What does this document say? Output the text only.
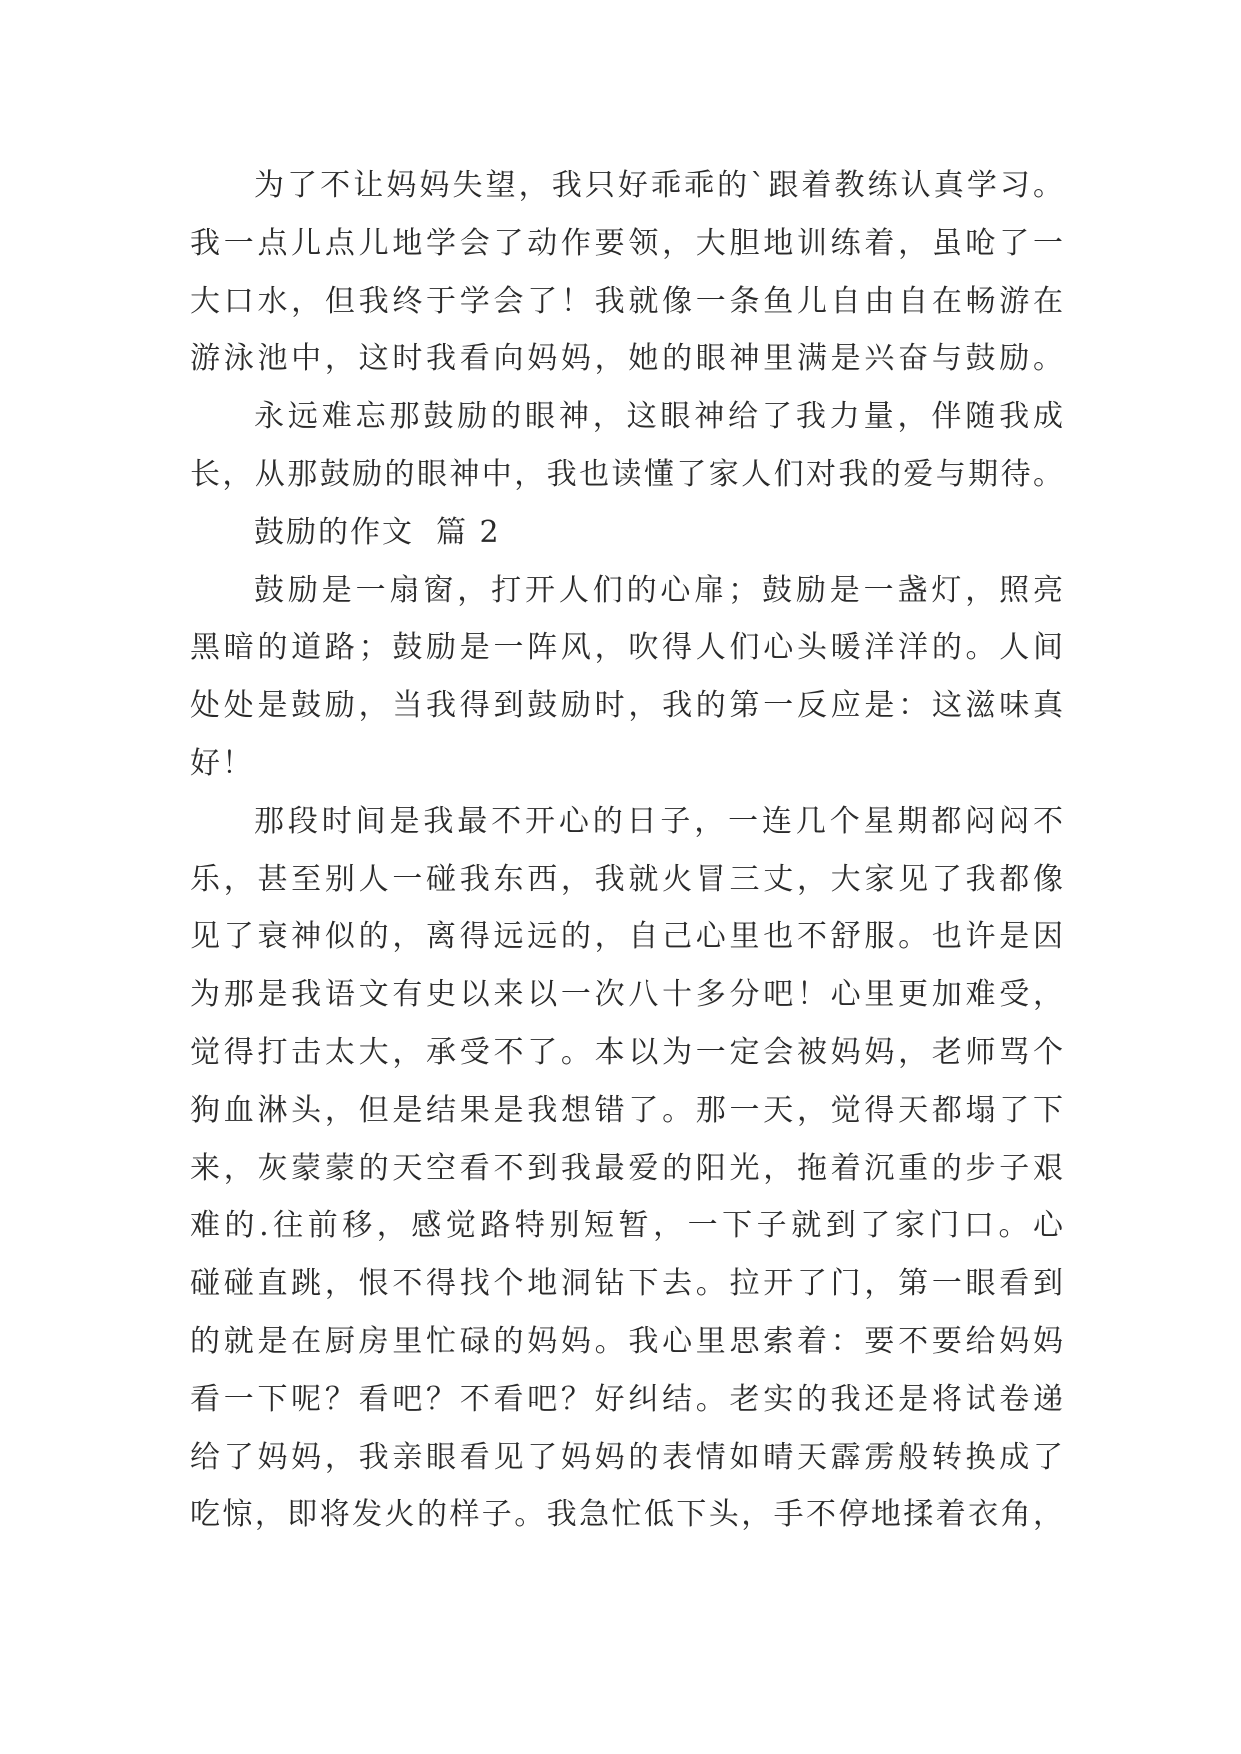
为了不让妈妈失望，我只好乖乖的`跟着教练认真学习。
我一点儿点儿地学会了动作要领，大胆地训练着，虽呛了一
大口水，但我终于学会了！我就像一条鱼儿自由自在畅游在
游泳池中，这时我看向妈妈，她的眼神里满是兴奋与鼓励。
永远难忘那鼓励的眼神，这眼神给了我力量，伴随我成
长，从那鼓励的眼神中，我也读懂了家人们对我的爱与期待。
鼓励的作文 篇 2
鼓励是一扇窗，打开人们的心扉；鼓励是一盏灯，照亮
黑暗的道路；鼓励是一阵风，吹得人们心头暖洋洋的。人间
处处是鼓励，当我得到鼓励时，我的第一反应是：这滋味真
好！
那段时间是我最不开心的日子，一连几个星期都闷闷不
乐，甚至别人一碰我东西，我就火冒三丈，大家见了我都像
见了衰神似的，离得远远的，自己心里也不舒服。也许是因
为那是我语文有史以来以一次八十多分吧！心里更加难受，
觉得打击太大，承受不了。本以为一定会被妈妈，老师骂个
狗血淋头，但是结果是我想错了。那一天，觉得天都塌了下
来，灰蒙蒙的天空看不到我最爱的阳光，拖着沉重的步子艰
难的.往前移，感觉路特别短暂，一下子就到了家门口。心
碰碰直跳，恨不得找个地洞钻下去。拉开了门，第一眼看到
的就是在厨房里忙碌的妈妈。我心里思索着：要不要给妈妈
看一下呢？看吧？不看吧？好纠结。老实的我还是将试卷递
给了妈妈，我亲眼看见了妈妈的表情如晴天霹雳般转换成了
吃惊，即将发火的样子。我急忙低下头，手不停地揉着衣角，
